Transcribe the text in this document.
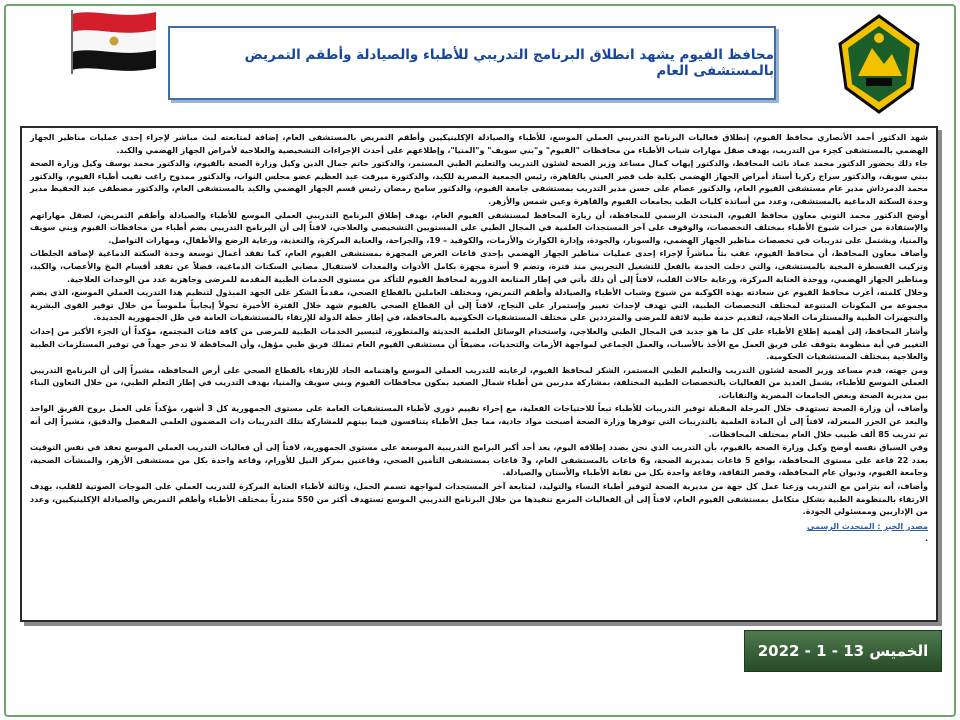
محافظ الفيوم يشهد انطلاق البرنامج التدريبي للأطباء والصيادلة وأطقم التمريض بالمستشفى العام

شهد الدكتور أحمد الأنصاري محافظ الفيوم، إنطلاق فعاليات البرنامج التدريبي العملي الموسع، للأطباء والصيادلة الإكلينيكيين وأطقم التمريض بالمستشفى العام، إضافة لمتابعته لبث مباشر لإجراء إحدى عمليات مناظير الجهاز الهضمي بالمستشفى كجزء من التدريب، بهدف صقل مهارات شباب الأطباء من محافظات "الفيوم" و"بني سويف" و"المنيا"، وإطلاعهم على أحدث الإجراءات التشخيصية والعلاجية لأمراض الجهاز الهضمي والكبد.

جاء ذلك بحضور الدكتور محمد عماد نائب المحافظ، والدكتور إيهاب كمال مساعد وزير الصحة لشئون التدريب والتعليم الطبي المستمر، والدكتور حاتم جمال الدين وكيل وزارة الصحة بالفيوم، والدكتور محمد يوسف وكيل وزارة الصحة ببني سويف، والدكتور سراج زكريا أستاذ أمراض الجهاز الهضمي بكلية طب قصر العيني بالقاهرة، رئيس الجمعية المصرية للكبد، والدكتورة ميرفت عبد العظيم عضو مجلس النواب، والدكتور ممدوح راغب نقيب أطباء الفيوم، والدكتور محمد الدمرداش مدير عام مستشفى الفيوم العام، والدكتور عصام على حسن مدير التدريب بمستشفى جامعة الفيوم، والدكتور سامح رمضان رئيس قسم الجهاز الهضمي والكبد بالمستشفى العام، والدكتور مصطفى عبد الحفيظ مدير وحدة السكتة الدماغية بالمستشفى، وعدد من أساتذة كليات الطب بجامعات الفيوم والقاهرة وعين شمس والأزهر.

أوضح الدكتور محمد التوني معاون محافظ الفيوم، المتحدث الرسمي للمحافظة، أن زيارة المحافظ لمستشفى الفيوم العام، بهدف إطلاق البرنامج التدريبي العملي الموسع للأطباء والصيادلة وأطقم التمريض، لصقل مهاراتهم والإستفادة من خبرات شيوخ الأطباء بمختلف التخصصات، والوقوف على آخر المستجدات العلمية في المجال الطبي على المستويين التشخيصي والعلاجي، لافتاً إلى أن البرنامج التدريبي يضم أطباء من محافظات الفيوم وبني سويف والمنيا، ويشتمل على تدريبات في تخصصات مناظير الجهاز الهضمي، والسونار، والجودة، وإدارة الكوارث والأزمات، والكوفيد – 19، والجراحة، والعناية المركزة، والتغذية، ورعاية الرضع والأطفال، ومهارات التواصل.

وأضاف معاون المحافظ، أن محافظ الفيوم، عقب بثاً مباشراً لإجراء إحدى عمليات مناظير الجهاز الهضمي بإحدى قاعات العرض المجهزة بمستشفى الفيوم العام، كما تفقد أعمال توسعة وحدة السكتة الدماغية لإضافة الجلطات وتركيب القسطرة المخية بالمستشفى، والتي دخلت الخدمة بالفعل للتشغيل التجريبي منذ فترة، وتضم 9 أسرة مجهزة بكامل الأدوات والمعدات لاستقبال مصابي السكتات الدماغية، فضلاً عن تفقد أقسام المخ والأعصاب، والكبد، ومناظير الجهاز الهضمي، ووحدة العناية المركزة، ورعاية حالات القلب، لافتاً إلى أن ذلك يأتي في إطار المتابعة الدورية لمحافظ الفيوم للتأكد من مستوى الخدمات الطبية المقدمة للمرضى وجاهزية عدد من الوحدات العلاجية.

وخلال كلمته، أعرب محافظ الفيوم عن سعادته بهذه الكوكبة من شيوخ وشباب الأطباء والصيادلة وأطقم التمريض، ومختلف العاملين بالقطاع الصحي، مقدماً الشكر على الجهد المبذول لتنظيم هذا التدريب العملي الموسع، الذي يضم مجموعة من المكونات المتنوعة لمختلف التخصصات الطبية، التي تهدف لإحداث تغيير وإستمرار على النجاح، لافتاً إلى أن القطاع الصحي بالفيوم شهد خلال الفترة الأخيرة تحولاً إيجابياً ملموساً من خلال توفير القوى البشرية والتجهيزات الطبية والمستلزمات العلاجية، لتقديم خدمة طبية لائقة للمرضى والمترددين على مختلف المستشفيات الحكومية بالمحافظة، في إطار خطة الدولة للإرتقاء بالمستشفيات العامة في ظل الجمهورية الجديدة.

وأشار المحافظ، إلى أهمية إطلاع الأطباء على كل ما هو جديد في المجال الطبي والعلاجي، واستخدام الوسائل العلمية الحديثة والمتطورة، لتيسير الخدمات الطبية للمرضى من كافة فئات المجتمع، مؤكداً أن الجزء الأكبر من إحداث التغيير في أية منظومة يتوقف على فريق العمل مع الأخذ بالأسباب، والعمل الجماعي لمواجهة الأزمات والتحديات، مضيفاً أن مستشفى الفيوم العام تمتلك فريق طبي مؤهل، وأن المحافظة لا تدخر جهداً في توفير المستلزمات الطبية والعلاجية بمختلف المستشفيات الحكومية.

ومن جهته، قدم مساعد وزير الصحة لشئون التدريب والتعليم الطبي المستمر، الشكر لمحافظ الفيوم، لرعايته للتدريب العملي الموسع واهتمامه الجاد للإرتقاء بالقطاع الصحي على أرض المحافظة، مشيراً إلى أن البرنامج التدريبي العملي الموسع للأطباء، يشمل العديد من الفعاليات بالتخصصات الطبية المختلفة، بمشاركة مدربين من أطباء شمال الصعيد بمكون محافظات الفيوم وبني سويف والمنيا، بهدف التدريب في إطار التعلم الطبي، من خلال التعاون البناء بين مديرية الصحة وبعض الجامعات المصرية والنقابات.

وأضاف، أن وزارة الصحة تستهدف خلال المرحلة المقبلة توفير التدريبات للأطباء تبعاً للاحتياجات الفعلية، مع إجراء تقييم دوري لأطباء المستشفيات العامة على مستوى الجمهورية كل 3 أشهر، مؤكداً على العمل بروح الفريق الواحد والبعد عن الجزر المنعزلة، لافتاً إلى أن المادة العلمية بالتدريبات التي توفرها وزارة الصحة أصبحت مواد جادية، مما جعل الأطباء يتنافسون فيما بينهم للمشاركة بتلك التدريبات ذات المضمون العلمي المفصل والدقيق، مشيراً إلى أنه تم تدريب 85 ألف طبيب خلال العام بمختلف المحافظات.

وفي السياق نفسه أوضح وكيل وزارة الصحة بالفيوم، بأن التدريب الذي نحن بصدد إطلاقه اليوم، يعد أحد أكبر البرامج التدريبية الموسعة على مستوى الجمهورية، لافتاً إلى أن فعاليات التدريب العملي الموسع تعقد في نفس التوقيت بعدد 22 قاعة على مستوى المحافظة، بواقع 5 قاعات بمديرية الصحة، و6 قاعات بالمستشفى العام، و3 قاعات بمستشفى التأمين الصحي، وقاعتين بمركز النيل للأورام، وقاعة واحدة بكل من مستشفى الأزهر، والمنشآت الصحية، وجامعة الفيوم، وديوان عام المحافظة، وقصر الثقافة، وقاعة واحدة بكل من نقابة الأطباء والأسنان والصيادلة.

وأضاف، أنه بتزامن مع التدريب وزعنا عمل كل جهة من مديرية الصحة لتوفير أطباء النساء والتوليد، لمتابعة آخر المستجدات لمواجهة تسمم الحمل، وثالثة لأطباء العناية المركزة للتدريب العملي على الموجات الصوتية للقلب، بهدف الارتقاء بالمنظومة الطبية بشكل متكامل بمستشفى الفيوم العام، لافتاً إلى أن الفعاليات المزمع تنفيذها من خلال البرنامج التدريبي الموسع تستهدف أكثر من 550 متدرباً بمختلف الأطباء وأطقم التمريض والصيادلة الإكلينيكيين، وعدد من الإداريين وممسئولي الجودة.

مصدر الخبر : المتحدث الرسمي

.

الخميس 13 - 1 - 2022
